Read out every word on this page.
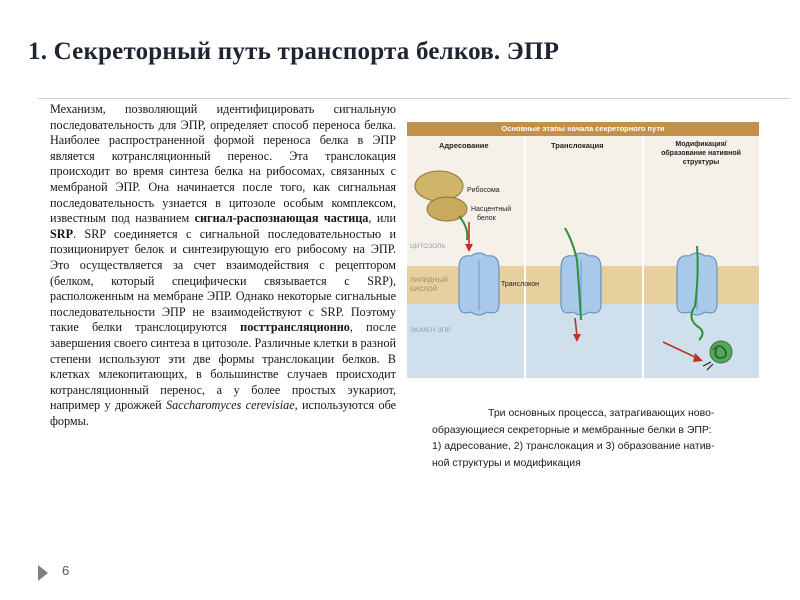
1. Секреторный путь транспорта белков. ЭПР

Механизм, позволяющий идентифицировать сигнальную последовательность для ЭПР, определяет способ переноса белка. Наиболее распространенной формой переноса белка в ЭПР является котрансляционный перенос. Эта транслокация происходит во время синтеза белка на рибосомах, связанных с мембраной ЭПР. Она начинается после того, как сигнальная последовательность узнается в цитозоле особым комплексом, известным под названием сигнал-распознающая частица, или SRP. SRP соединяется с сигнальной последовательностью и позиционирует белок и синтезирующую его рибосому на ЭПР. Это осуществляется за счет взаимодействия с рецептором (белком, который специфически связывается с SRP), расположенным на мембране ЭПР. Однако некоторые сигнальные последовательности ЭПР не взаимодействуют с SRP. Поэтому такие белки транслоцируются посттрансляционно, после завершения своего синтеза в цитозоле. Различные клетки в разной степени используют эти две формы транслокации белков. В клетках млекопитающих, в большинстве случаев происходит котрансляционный перенос, а у более простых эукариот, например у дрожжей Saccharomyces cerevisiae, используются обе формы.

Основные этапы начала секреторного пути
Адресование	Транслокация	Модификация/
образование нативной
структуры
Рибосома
Насцентный
белок
ЦИТОЗОЛЬ
ЛИПИДНЫЙ
БИСЛОЙ
ЛЮМЕН ЭПР
Транслокон

Три основных процесса, затрагивающих ново-
образующиеся секреторные и мембранные белки в ЭПР:
1) адресование, 2) транслокация и 3) образование натив-
ной структуры и модификация

6
